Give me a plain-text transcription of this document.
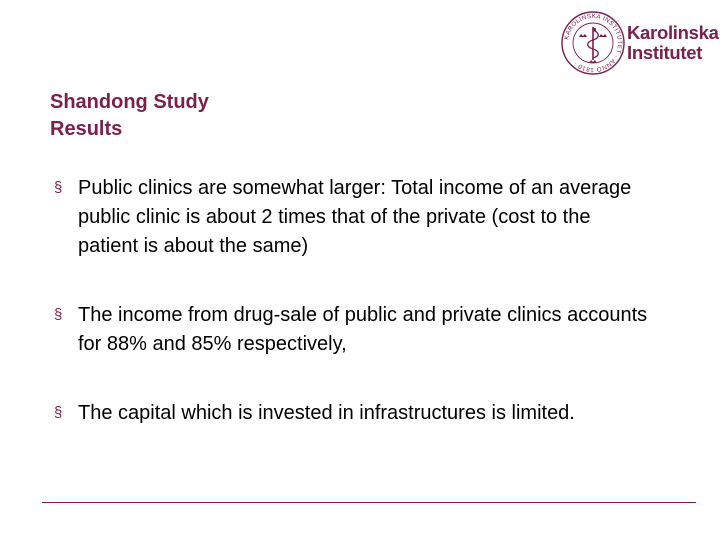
KAROLINSKA INSTITUTET · ANNO 1810 ·
Karolinska
Institutet
Shandong Study
Results
§ Public clinics are somewhat larger: Total income of an average public clinic is about 2 times that of the private (cost to the patient is about the same)
§ The income from drug-sale of public and private clinics accounts for 88% and 85% respectively,
§ The capital which is invested in infrastructures is limited.
